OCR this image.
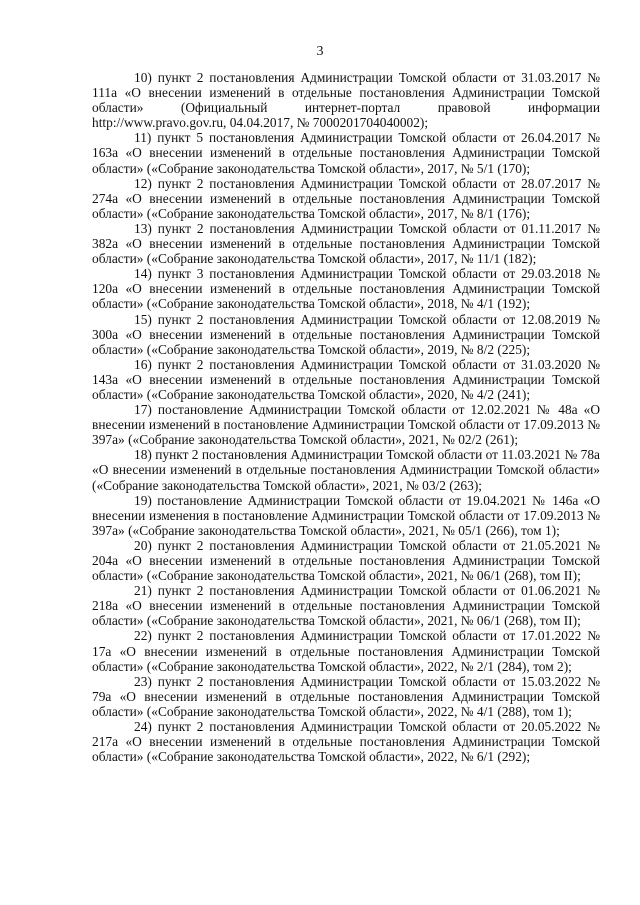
3

10) пункт 2 постановления Администрации Томской области от 31.03.2017 № 111а «О внесении изменений в отдельные постановления Администрации Томской области» (Официальный интернет-портал правовой информации http://www.pravo.gov.ru, 04.04.2017, № 7000201704040002);

11) пункт 5 постановления Администрации Томской области от 26.04.2017 № 163а «О внесении изменений в отдельные постановления Администрации Томской области» («Собрание законодательства Томской области», 2017, № 5/1 (170);

12) пункт 2 постановления Администрации Томской области от 28.07.2017 № 274а «О внесении изменений в отдельные постановления Администрации Томской области» («Собрание законодательства Томской области», 2017, № 8/1 (176);

13) пункт 2 постановления Администрации Томской области от 01.11.2017 № 382а «О внесении изменений в отдельные постановления Администрации Томской области» («Собрание законодательства Томской области», 2017, № 11/1 (182);

14) пункт 3 постановления Администрации Томской области от 29.03.2018 № 120а «О внесении изменений в отдельные постановления Администрации Томской области» («Собрание законодательства Томской области», 2018, № 4/1 (192);

15) пункт 2 постановления Администрации Томской области от 12.08.2019 № 300а «О внесении изменений в отдельные постановления Администрации Томской области» («Собрание законодательства Томской области», 2019, № 8/2 (225);

16) пункт 2 постановления Администрации Томской области от 31.03.2020 № 143а «О внесении изменений в отдельные постановления Администрации Томской области» («Собрание законодательства Томской области», 2020, № 4/2 (241);

17) постановление Администрации Томской области от 12.02.2021 № 48а «О внесении изменений в постановление Администрации Томской области от 17.09.2013 № 397а» («Собрание законодательства Томской области», 2021, № 02/2 (261);

18) пункт 2 постановления Администрации Томской области от 11.03.2021 № 78а «О внесении изменений в отдельные постановления Администрации Томской области» («Собрание законодательства Томской области», 2021, № 03/2 (263);

19) постановление Администрации Томской области от 19.04.2021 № 146а «О внесении изменения в постановление Администрации Томской области от 17.09.2013 № 397а» («Собрание законодательства Томской области», 2021, № 05/1 (266), том 1);

20) пункт 2 постановления Администрации Томской области от 21.05.2021 № 204а «О внесении изменений в отдельные постановления Администрации Томской области» («Собрание законодательства Томской области», 2021, № 06/1 (268), том II);

21) пункт 2 постановления Администрации Томской области от 01.06.2021 № 218а «О внесении изменений в отдельные постановления Администрации Томской области» («Собрание законодательства Томской области», 2021, № 06/1 (268), том II);

22) пункт 2 постановления Администрации Томской области от 17.01.2022 № 17а «О внесении изменений в отдельные постановления Администрации Томской области» («Собрание законодательства Томской области», 2022, № 2/1 (284), том 2);

23) пункт 2 постановления Администрации Томской области от 15.03.2022 № 79а «О внесении изменений в отдельные постановления Администрации Томской области» («Собрание законодательства Томской области», 2022, № 4/1 (288), том 1);

24) пункт 2 постановления Администрации Томской области от 20.05.2022 № 217а «О внесении изменений в отдельные постановления Администрации Томской области» («Собрание законодательства Томской области», 2022, № 6/1 (292);
